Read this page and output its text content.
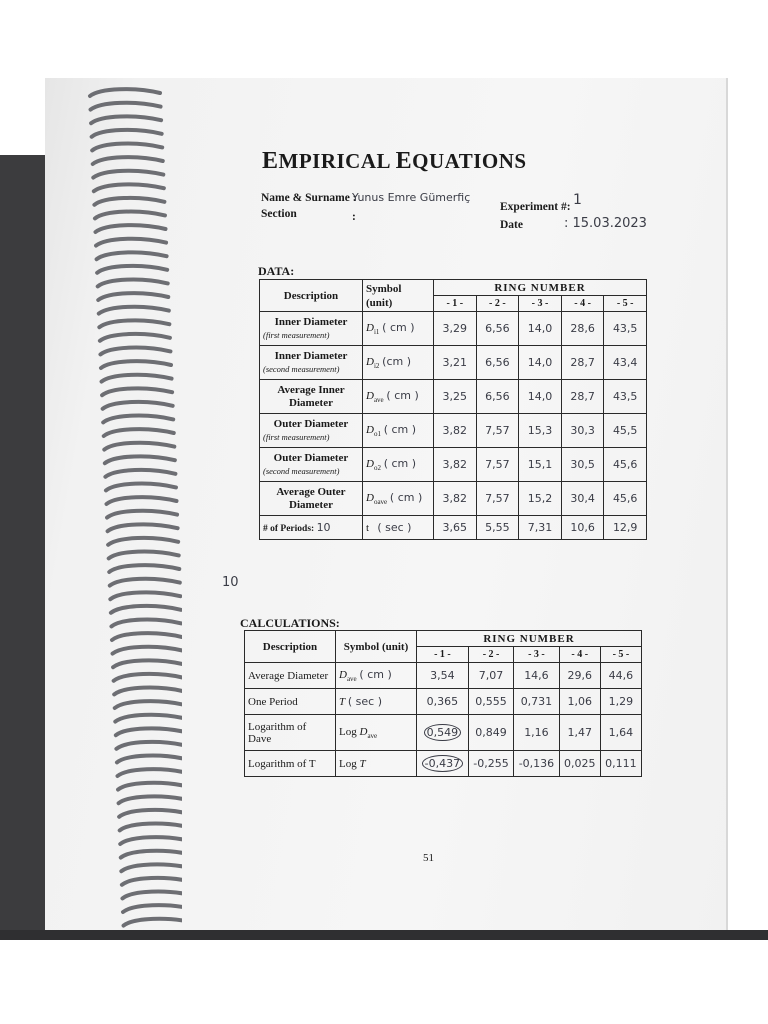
EMPIRICAL EQUATIONS
Name & Surname :
Yunus Emre Gümerfiç
Section	:
Experiment #: 1
Date	: 15.03.2023
DATA:
Description	Symbol (unit)	RING NUMBER				
		- 1 -	- 2 -	- 3 -	- 4 -	- 5 -
Inner Diameter
(first measurement)	$D_{i1}$ ( cm )	3,29	6,56	14,0	28,6	43,5
Inner Diameter
(second measurement)	$D_{i2}$ (cm )	3,21	6,56	14,0	28,7	43,4
Average Inner Diameter	$D_{ave}$ ( cm )	3,25	6,56	14,0	28,7	43,5
Outer Diameter
(first measurement)	$D_{o1}$ ( cm )	3,82	7,57	15,3	30,3	45,5
Outer Diameter
(second measurement)	$D_{o2}$ ( cm )	3,82	7,57	15,1	30,5	45,6
Average Outer Diameter	$D_{oave}$ ( cm )	3,82	7,57	15,2	30,4	45,6
# of Periods: 10	t ( sec )	3,65	5,55	7,31	10,6	12,9
10
CALCULATIONS:
Description	Symbol (unit)	RING NUMBER				
		- 1 -	- 2 -	- 3 -	- 4 -	- 5 -
Average Diameter	$D_{ave}$ ( cm )	3,54	7,07	14,6	29,6	44,6
One Period	T ( sec )	0,365	0,555	0,731	1,06	1,29
Logarithm of Dave	Log $D_{ave}$	0,549	0,849	1,16	1,47	1,64
Logarithm of T	Log T	-0,437	-0,255	-0,136	0,025	0,111
51
